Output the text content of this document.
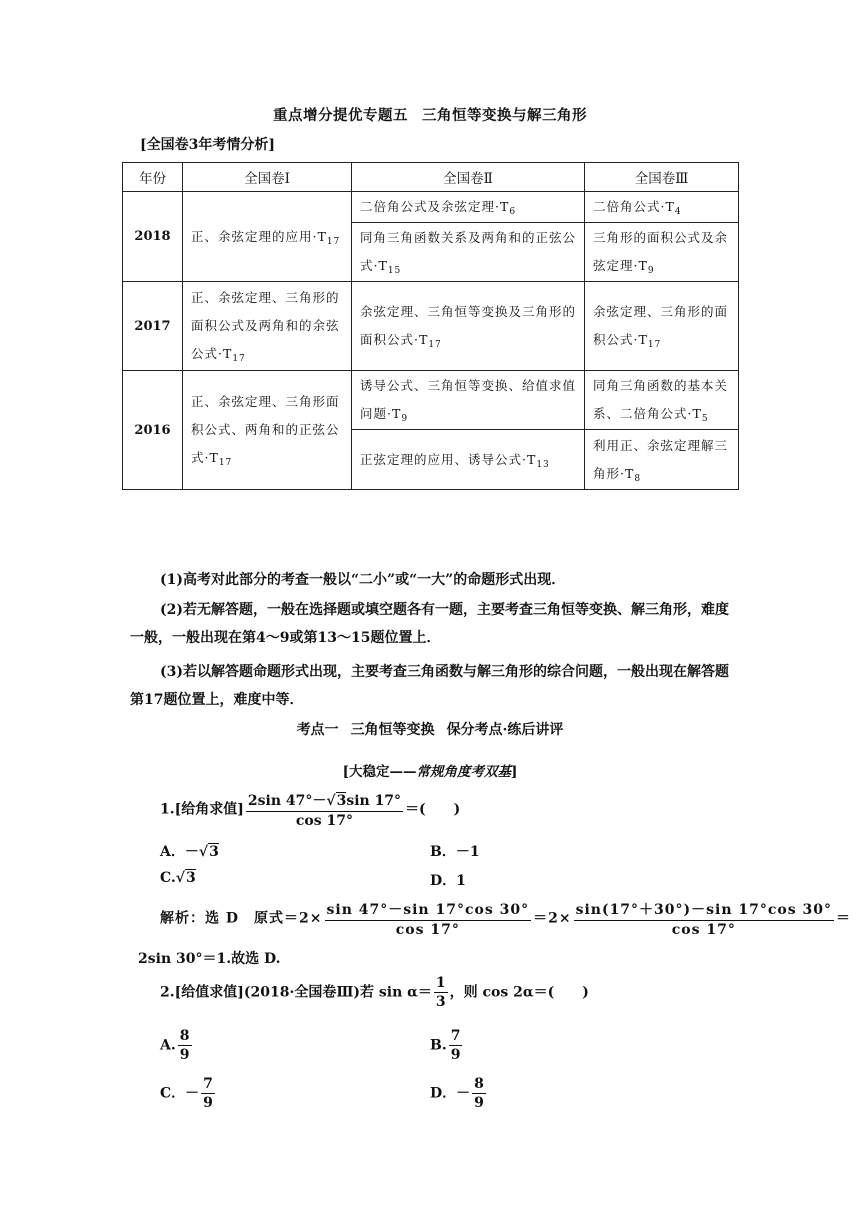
重点增分提优专题五 三角恒等变换与解三角形
[全国卷3年考情分析]
年份	全国卷Ⅰ	全国卷Ⅱ	全国卷Ⅲ
2018	正、余弦定理的应用$\cdot T_{17}$	二倍角公式及余弦定理$\cdot T_6$	二倍角公式$\cdot T_4$
		同角三角函数关系及两角和的正弦公式$\cdot T_{15}$	三角形的面积公式及余弦定理$\cdot T_9$
2017	正、余弦定理、三角形的面积公式及两角和的余弦公式$\cdot T_{17}$	余弦定理、三角恒等变换及三角形的面积公式$\cdot T_{17}$	余弦定理、三角形的面积公式$\cdot T_{17}$
2016	正、余弦定理、三角形面积公式、两角和的正弦公式$\cdot T_{17}$	诱导公式、三角恒等变换、给值求值问题$\cdot T_9$	同角三角函数的基本关系、二倍角公式$\cdot T_5$
		正弦定理的应用、诱导公式$\cdot T_{13}$	利用正、余弦定理解三角形$\cdot T_8$
(1)高考对此部分的考查一般以“二小”或“一大”的命题形式出现．
(2)若无解答题，一般在选择题或填空题各有一题，主要考查三角恒等变换、解三角形，难度一般，一般出现在第4～9或第13～15题位置上．
(3)若以解答题命题形式出现，主要考查三角函数与解三角形的综合问题，一般出现在解答题第17题位置上，难度中等．
考点一 三角恒等变换 保分考点·练后讲评
[大稳定——常规角度考双基]
1.[给角求值] $\frac{2\sin 47^\circ-√3\sin 17^\circ}{\cos 17^\circ}$ ＝(　　)
A．－√3	B．－1
C.√3	D．1
解析：选 D　原式$=2\times \frac{\sin 47^\circ-\sin 17^\circ\cos 30^\circ}{\cos 17^\circ} =2\times \frac{\sin(17^\circ+30^\circ)-\sin 17^\circ\cos 30^\circ}{\cos 17^\circ}$ ＝
2sin 30°＝1.故选 D.
2.[给值求值](2018·全国卷Ⅲ)若 $\sin \alpha= \frac{1}{3}$ ，则 cos 2α＝(　　)
A. $\frac{8}{9}$	B. $\frac{7}{9}$
C．－ $\frac{7}{9}$	D．－ $\frac{8}{9}$
